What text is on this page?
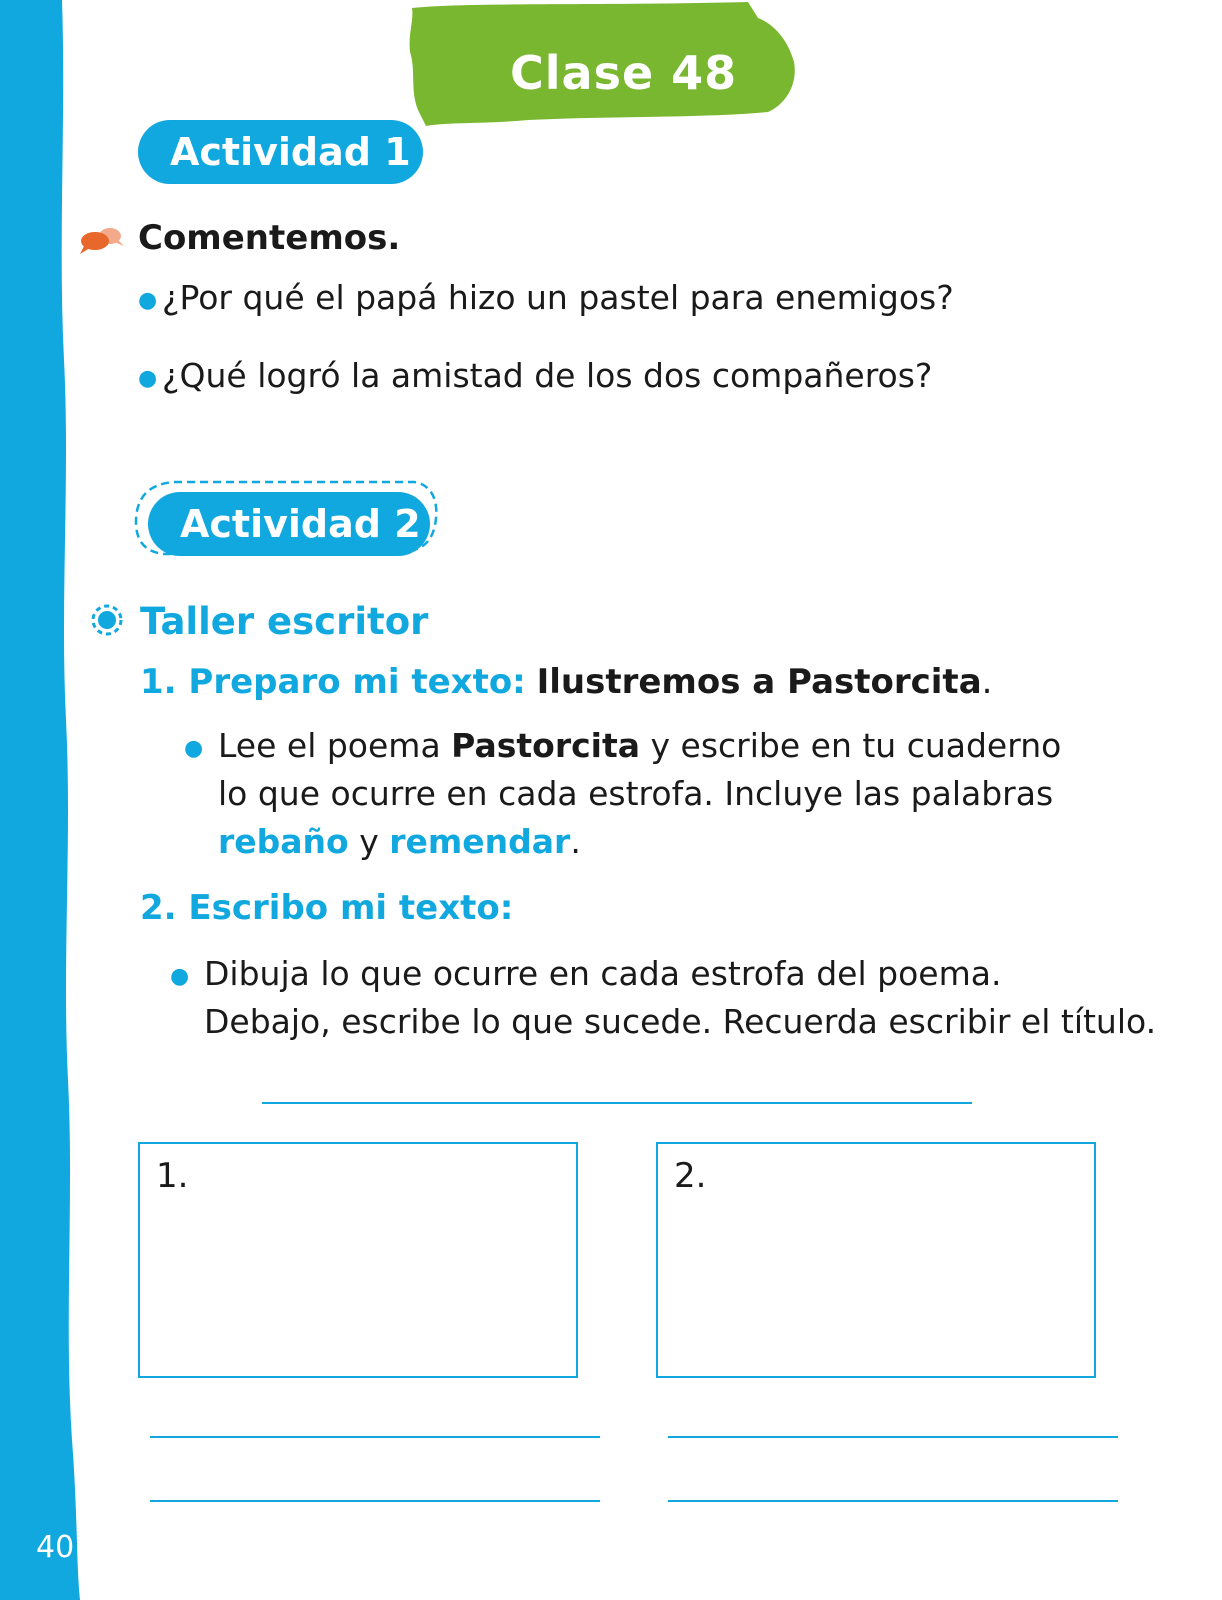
40
Clase 48
Actividad 1
Comentemos.
● ¿Por qué el papá hizo un pastel para enemigos?
● ¿Qué logró la amistad de los dos compañeros?
Actividad 2
Taller escritor
1. Preparo mi texto: Ilustremos a Pastorcita.
● Lee el poema Pastorcita y escribe en tu cuaderno
lo que ocurre en cada estrofa. Incluye las palabras
rebaño y remendar.
2. Escribo mi texto:
● Dibuja lo que ocurre en cada estrofa del poema.
Debajo, escribe lo que sucede. Recuerda escribir el título.
1.	2.
